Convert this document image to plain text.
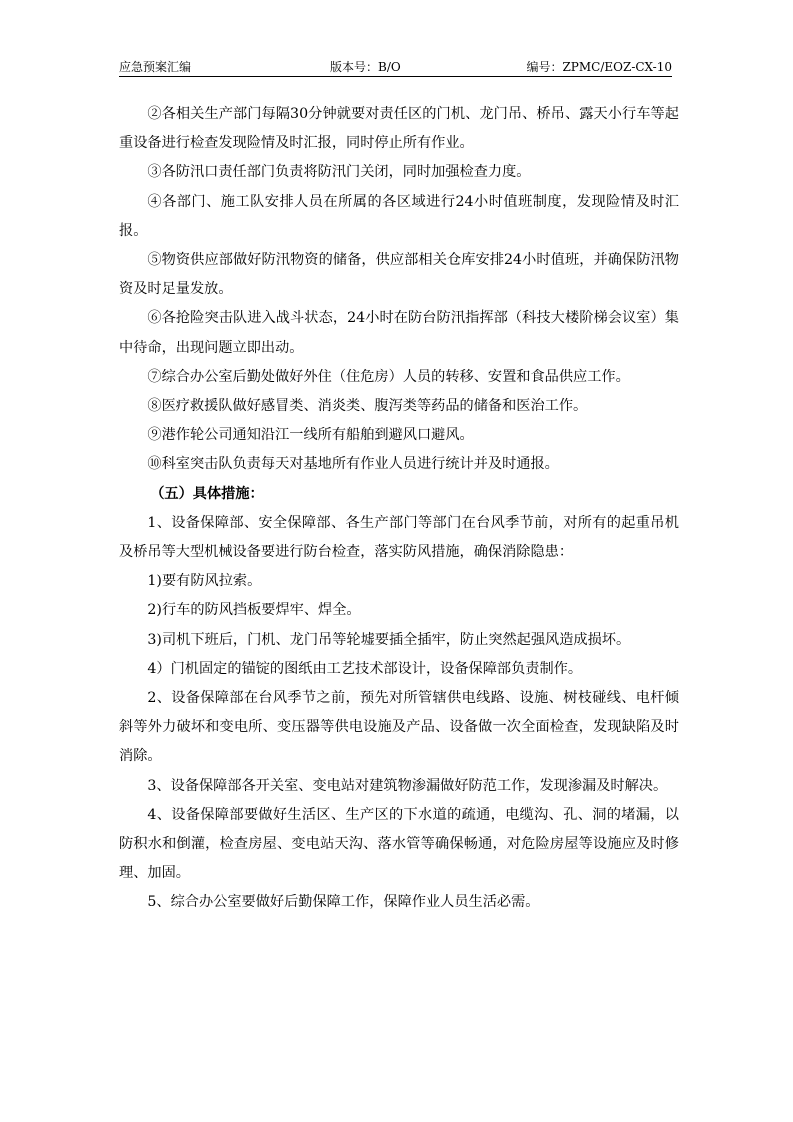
应急预案汇编	版本号：B/O	编号：ZPMC/EOZ-CX-10

②各相关生产部门每隔30分钟就要对责任区的门机、龙门吊、桥吊、露天小行车等起重设备进行检查发现险情及时汇报，同时停止所有作业。

③各防汛口责任部门负责将防汛门关闭，同时加强检查力度。

④各部门、施工队安排人员在所属的各区域进行24小时值班制度，发现险情及时汇报。

⑤物资供应部做好防汛物资的储备，供应部相关仓库安排24小时值班，并确保防汛物资及时足量发放。

⑥各抢险突击队进入战斗状态，24小时在防台防汛指挥部（科技大楼阶梯会议室）集中待命，出现问题立即出动。

⑦综合办公室后勤处做好外住（住危房）人员的转移、安置和食品供应工作。

⑧医疗救援队做好感冒类、消炎类、腹泻类等药品的储备和医治工作。

⑨港作轮公司通知沿江一线所有船舶到避风口避风。

⑩科室突击队负责每天对基地所有作业人员进行统计并及时通报。

（五）具体措施：

1、设备保障部、安全保障部、各生产部门等部门在台风季节前，对所有的起重吊机及桥吊等大型机械设备要进行防台检查，落实防风措施，确保消除隐患：

1)要有防风拉索。

2)行车的防风挡板要焊牢、焊全。

3)司机下班后，门机、龙门吊等轮墟要插全插牢，防止突然起强风造成损坏。

4）门机固定的锚锭的图纸由工艺技术部设计，设备保障部负责制作。

2、设备保障部在台风季节之前，预先对所管辖供电线路、设施、树枝碰线、电杆倾斜等外力破坏和变电所、变压器等供电设施及产品、设备做一次全面检查，发现缺陷及时消除。

3、设备保障部各开关室、变电站对建筑物渗漏做好防范工作，发现渗漏及时解决。

4、设备保障部要做好生活区、生产区的下水道的疏通，电缆沟、孔、洞的堵漏，以防积水和倒灌，检查房屋、变电站天沟、落水管等确保畅通，对危险房屋等设施应及时修理、加固。

5、综合办公室要做好后勤保障工作，保障作业人员生活必需。
